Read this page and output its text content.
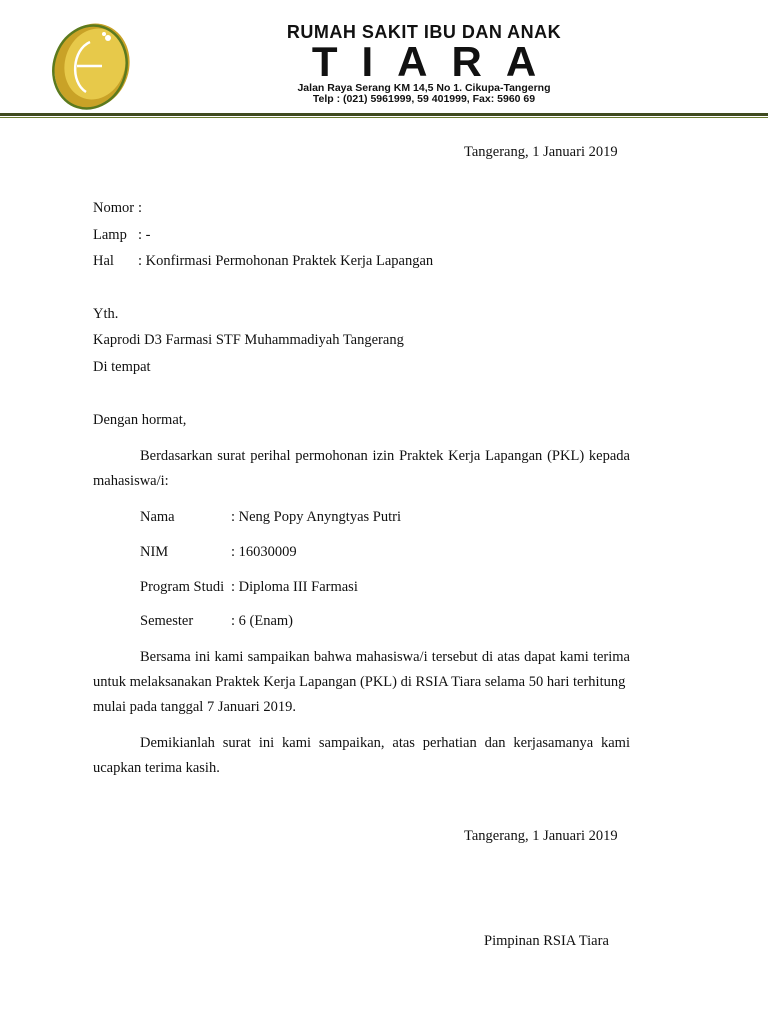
RUMAH SAKIT IBU DAN ANAK
TIARA
Jalan Raya Serang KM 14,5 No 1. Cikupa-Tangerng
Telp : (021) 5961999, 59 401999, Fax: 5960 69
Tangerang, 1 Januari 2019
Nomor :
Lamp : -
Hal : Konfirmasi Permohonan Praktek Kerja Lapangan
Yth.
Kaprodi D3 Farmasi STF Muhammadiyah Tangerang
Di tempat
Dengan hormat,
Berdasarkan surat perihal permohonan izin Praktek Kerja Lapangan (PKL) kepada
mahasiswa/i:
Nama	: Neng Popy Anyngtyas Putri
NIM	: 16030009
Program Studi : Diploma III Farmasi
Semester	: 6 (Enam)
Bersama ini kami sampaikan bahwa mahasiswa/i tersebut di atas dapat kami terima
untuk melaksanakan Praktek Kerja Lapangan (PKL) di RSIA Tiara selama 50 hari terhitung
mulai pada tanggal 7 Januari 2019.
Demikianlah surat ini kami sampaikan, atas perhatian dan kerjasamanya kami
ucapkan terima kasih.
Tangerang, 1 Januari 2019
Pimpinan RSIA Tiara
